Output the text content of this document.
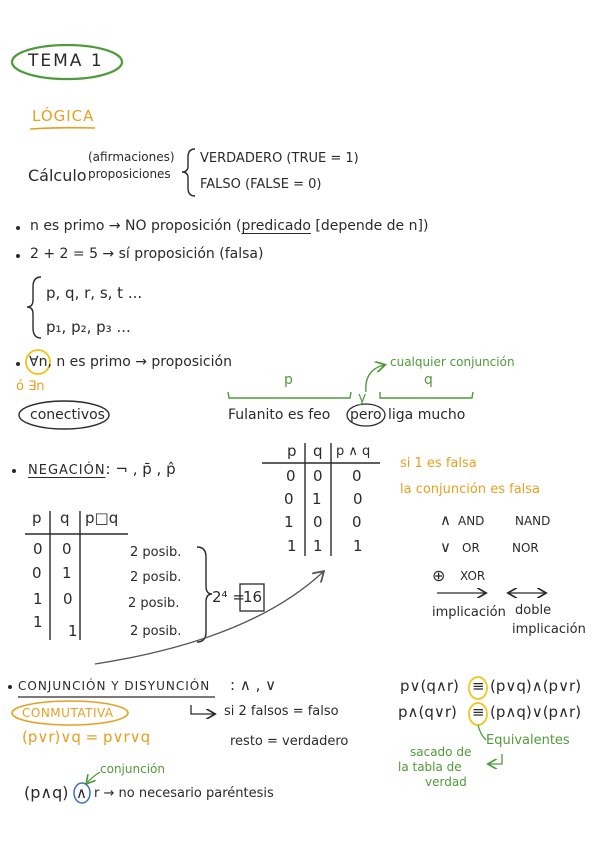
TEMA 1
LÓGICA
Cálculo
(afirmaciones)
proposiciones
VERDADERO (TRUE = 1)
FALSO (FALSE = 0)
n es primo → NO proposición (predicado [depende de n])
2 + 2 = 5 → sí proposición (falsa)
p, q, r, s, t ...
p₁, p₂, p₃ ...
∀n, n es primo → proposición
ó ∃n
conectivos
cualquier conjunción
p
y
q
Fulanito es feo pero liga mucho
NEGACIÓN: ¬ , p̄ , p̂
p q p ∧ q
0 0 0
0 1 0
1 0 0
1 1 1
si 1 es falsa
la conjunción es falsa
∧ AND	NAND
∨ OR	NOR
⊕ XOR
implicación doble
implicación
p q p□q
0 0
0 1
1 0
1 1
2 posib.
2 posib.
2 posib.
2 posib.
2⁴ =
16
CONJUNCIÓN Y DISYUNCIÓN : ∧ , ∨
CONMUTATIVA	si 2 falsos = falso
resto = verdadero
(p∨r)∨q = p∨r∨q
p∨(q∧r) ≡ (p∨q)∧(p∨r)
p∧(q∨r) ≡ (p∧q)∨(p∧r)
Equivalentes
sacado de
la tabla de
verdad
conjunción
(p∧q) ∧ r → no necesario paréntesis
